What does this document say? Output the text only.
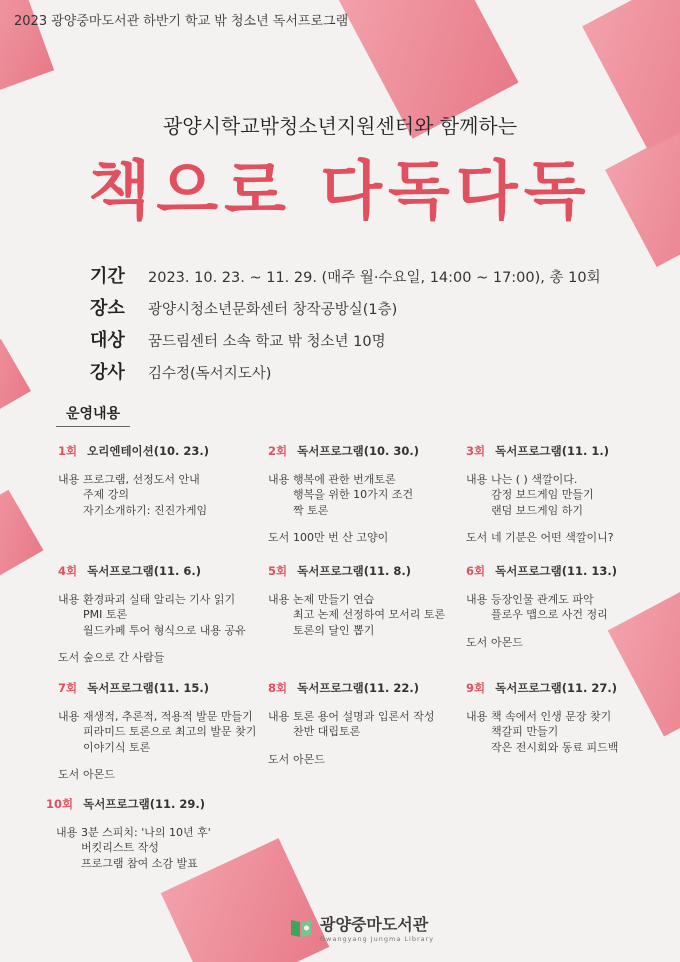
2023 광양중마도서관 하반기 학교 밖 청소년 독서프로그램
광양시학교밖청소년지원센터와 함께하는
책으로 다독다독
기간	2023. 10. 23. ~ 11. 29. (매주 월·수요일, 14:00 ~ 17:00), 총 10회
장소	광양시청소년문화센터 창작공방실(1층)
대상	꿈드림센터 소속 학교 밖 청소년 10명
강사	김수정(독서지도사)
운영내용
1회 오리엔테이션(10. 23.)
내용 프로그램, 선정도서 안내
주제 강의
자기소개하기: 진진가게임
2회 독서프로그램(10. 30.)
내용 행복에 관한 번개토론
행복을 위한 10가지 조건
짝 토론
도서 100만 번 산 고양이
3회 독서프로그램(11. 1.)
내용 나는 ( ) 색깔이다.
감정 보드게임 만들기
랜덤 보드게임 하기
도서 네 기분은 어떤 색깔이니?
4회 독서프로그램(11. 6.)
내용 환경파괴 실태 알리는 기사 읽기
PMI 토론
월드카페 투어 형식으로 내용 공유
도서 숲으로 간 사람들
5회 독서프로그램(11. 8.)
내용 논제 만들기 연습
최고 논제 선정하여 모서리 토론
토론의 달인 뽑기
6회 독서프로그램(11. 13.)
내용 등장인물 관계도 파악
플로우 맵으로 사건 정리
도서 아몬드
7회 독서프로그램(11. 15.)
내용 재생적, 추론적, 적용적 발문 만들기
피라미드 토론으로 최고의 발문 찾기
이야기식 토론
도서 아몬드
8회 독서프로그램(11. 22.)
내용 토론 용어 설명과 입론서 작성
찬반 대립토론
도서 아몬드
9회 독서프로그램(11. 27.)
내용 책 속에서 인생 문장 찾기
책갈피 만들기
작은 전시회와 동료 피드백
10회 독서프로그램(11. 29.)
내용 3분 스피치: '나의 10년 후'
버킷리스트 작성
프로그램 참여 소감 발표
광양중마도서관
Gwangyang Jungma Library
